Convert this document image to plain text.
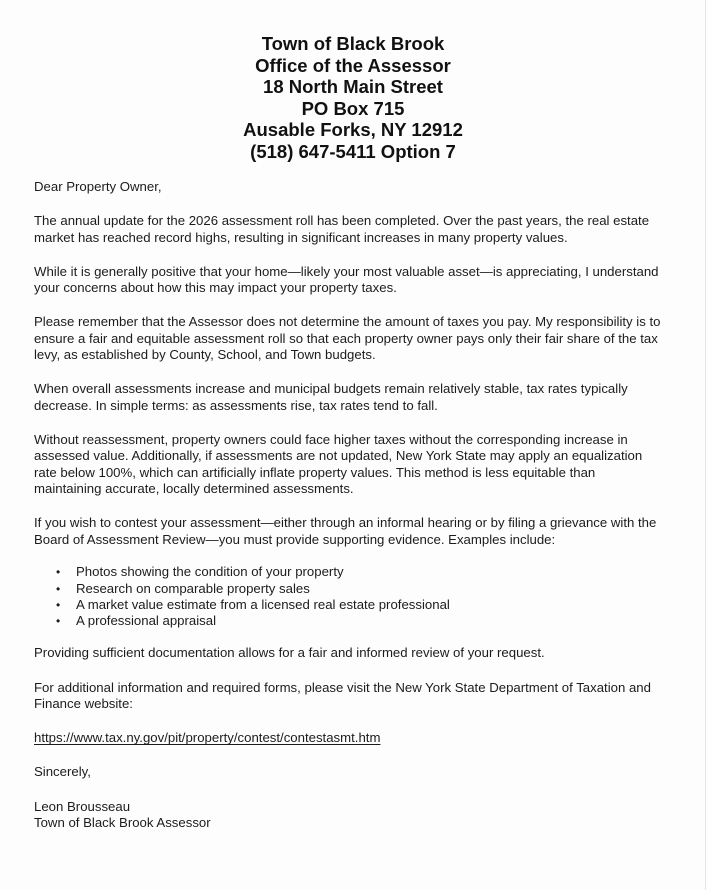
Town of Black Brook
Office of the Assessor
18 North Main Street
PO Box 715
Ausable Forks, NY 12912
(518) 647-5411 Option 7

Dear Property Owner,

The annual update for the 2026 assessment roll has been completed. Over the past years, the real estate market has reached record highs, resulting in significant increases in many property values.

While it is generally positive that your home—likely your most valuable asset—is appreciating, I understand your concerns about how this may impact your property taxes.

Please remember that the Assessor does not determine the amount of taxes you pay. My responsibility is to ensure a fair and equitable assessment roll so that each property owner pays only their fair share of the tax levy, as established by County, School, and Town budgets.

When overall assessments increase and municipal budgets remain relatively stable, tax rates typically decrease. In simple terms: as assessments rise, tax rates tend to fall.

Without reassessment, property owners could face higher taxes without the corresponding increase in assessed value. Additionally, if assessments are not updated, New York State may apply an equalization rate below 100%, which can artificially inflate property values. This method is less equitable than maintaining accurate, locally determined assessments.

If you wish to contest your assessment—either through an informal hearing or by filing a grievance with the Board of Assessment Review—you must provide supporting evidence. Examples include:

• Photos showing the condition of your property
• Research on comparable property sales
• A market value estimate from a licensed real estate professional
• A professional appraisal

Providing sufficient documentation allows for a fair and informed review of your request.

For additional information and required forms, please visit the New York State Department of Taxation and Finance website:

https://www.tax.ny.gov/pit/property/contest/contestasmt.htm

Sincerely,

Leon Brousseau

Town of Black Brook Assessor
